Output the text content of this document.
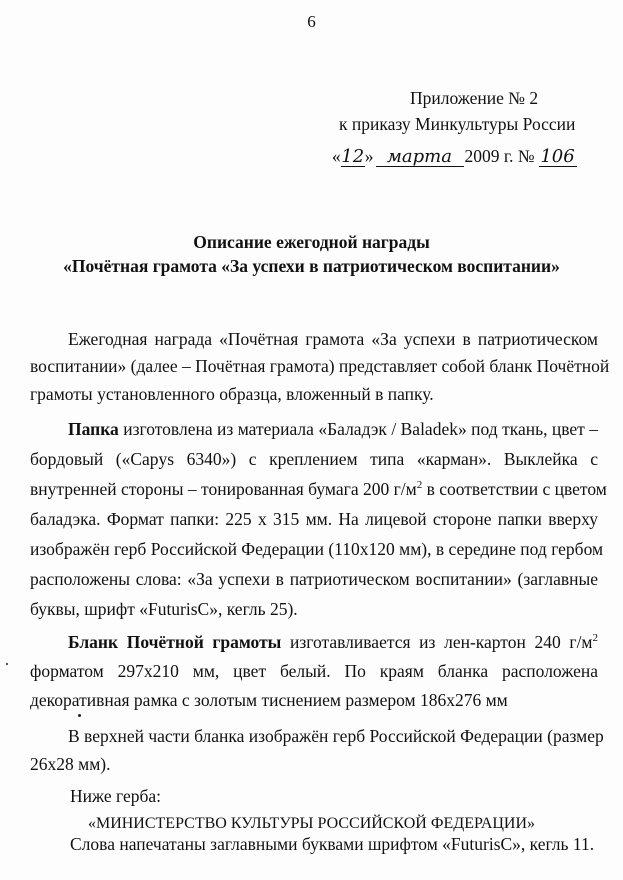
6
Приложение № 2
к приказу Минкультуры России
«12» марта 2009 г. № 106
Описание ежегодной награды
«Почётная грамота «За успехи в патриотическом воспитании»
Ежегодная награда «Почётная грамота «За успехи в патриотическом
воспитании» (далее – Почётная грамота) представляет собой бланк Почётной
грамоты установленного образца, вложенный в папку.
Папка изготовлена из материала «Баладэк / Baladek» под ткань, цвет –
бордовый («Capys 6340») с креплением типа «карман». Выклейка с
внутренней стороны – тонированная бумага 200 $г/м^2$ в соответствии с цветом
баладэка. Формат папки: 225 х 315 мм. На лицевой стороне папки вверху
изображён герб Российской Федерации (110х120 мм), в середине под гербом
расположены слова: «За успехи в патриотическом воспитании» (заглавные
буквы, шрифт «FuturisC», кегль 25).
Бланк Почётной грамоты изготавливается из лен-картон 240 $г/м^2$
форматом 297х210 мм, цвет белый. По краям бланка расположена
декоративная рамка с золотым тиснением размером 186х276 мм
В верхней части бланка изображён герб Российской Федерации (размер
26х28 мм).
Ниже герба:
«МИНИСТЕРСТВО КУЛЬТУРЫ РОССИЙСКОЙ ФЕДЕРАЦИИ»
Слова напечатаны заглавными буквами шрифтом «FuturisC», кегль 11.
